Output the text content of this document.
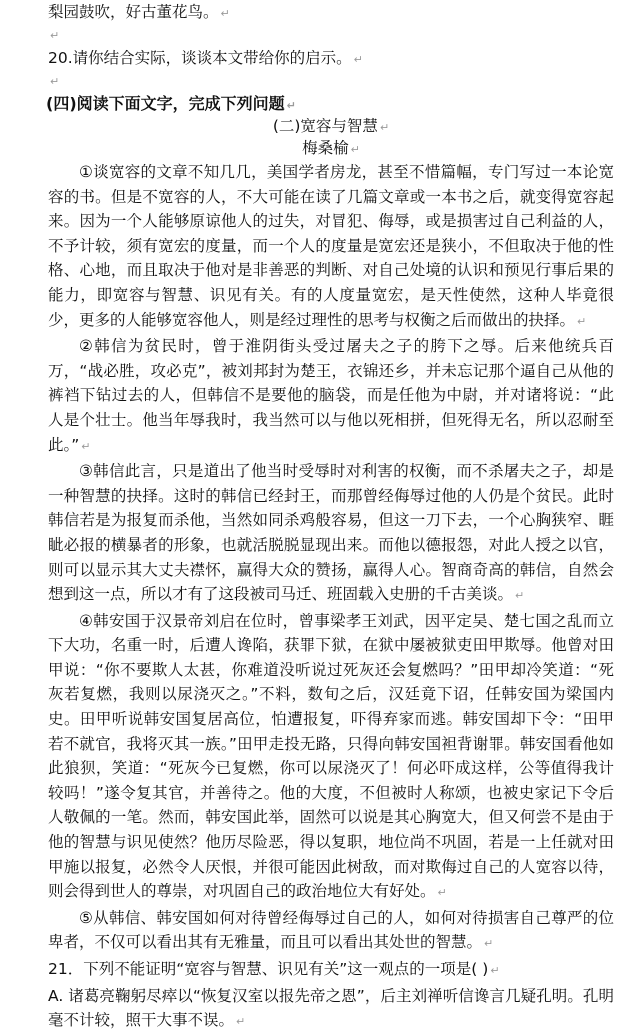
梨园鼓吹，好古董花鸟。 ↵
↵
20.请你结合实际，谈谈本文带给你的启示。 ↵
↵
(四)阅读下面文字，完成下列问题 ↵
(二)宽容与智慧 ↵
梅桑榆 ↵

①谈宽容的文章不知几几，美国学者房龙，甚至不惜篇幅，专门写过一本论宽容的书。但是不宽容的人，不大可能在读了几篇文章或一本书之后，就变得宽容起来。因为一个人能够原谅他人的过失，对冒犯、侮辱，或是损害过自己利益的人，不予计较，须有宽宏的度量，而一个人的度量是宽宏还是狭小，不但取决于他的性格、心地，而且取决于他对是非善恶的判断、对自己处境的认识和预见行事后果的能力，即宽容与智慧、识见有关。有的人度量宽宏，是天性使然，这种人毕竟很少，更多的人能够宽容他人，则是经过理性的思考与权衡之后而做出的抉择。 ↵

②韩信为贫民时，曾于淮阴街头受过屠夫之子的胯下之辱。后来他统兵百万，“战必胜，攻必克”，被刘邦封为楚王，衣锦还乡，并未忘记那个逼自己从他的裤裆下钻过去的人，但韩信不是要他的脑袋，而是任他为中尉，并对诸将说：“此人是个壮士。他当年辱我时，我当然可以与他以死相拼，但死得无名，所以忍耐至此。” ↵

③韩信此言，只是道出了他当时受辱时对利害的权衡，而不杀屠夫之子，却是一种智慧的抉择。这时的韩信已经封王，而那曾经侮辱过他的人仍是个贫民。此时韩信若是为报复而杀他，当然如同杀鸡般容易，但这一刀下去，一个心胸狭窄、睚眦必报的横暴者的形象，也就活脱脱显现出来。而他以德报怨，对此人授之以官，则可以显示其大丈夫襟怀，赢得大众的赞扬，赢得人心。智商奇高的韩信，自然会想到这一点，所以才有了这段被司马迁、班固载入史册的千古美谈。 ↵

④韩安国于汉景帝刘启在位时，曾事梁孝王刘武，因平定吴、楚七国之乱而立下大功，名重一时，后遭人谗陷，获罪下狱，在狱中屡被狱吏田甲欺辱。他曾对田甲说：“你不要欺人太甚，你难道没听说过死灰还会复燃吗？”田甲却冷笑道：“死灰若复燃，我则以尿浇灭之。”不料，数旬之后，汉廷竟下诏，任韩安国为梁国内史。田甲听说韩安国复居高位，怕遭报复，吓得弃家而逃。韩安国却下令：“田甲若不就官，我将灭其一族。”田甲走投无路，只得向韩安国袒背谢罪。韩安国看他如此狼狈，笑道：“死灰今已复燃，你可以尿浇灭了！何必吓成这样，公等值得我计较吗！”遂令复其官，并善待之。他的大度，不但被时人称颂，也被史家记下令后人敬佩的一笔。然而，韩安国此举，固然可以说是其心胸宽大，但又何尝不是由于他的智慧与识见使然？他历尽险恶，得以复职，地位尚不巩固，若是一上任就对田甲施以报复，必然令人厌恨，并很可能因此树敌，而对欺侮过自己的人宽容以待，则会得到世人的尊崇，对巩固自己的政治地位大有好处。 ↵

⑤从韩信、韩安国如何对待曾经侮辱过自己的人，如何对待损害自己尊严的位卑者，不仅可以看出其有无雅量，而且可以看出其处世的智慧。 ↵

21．下列不能证明“宽容与智慧、识见有关”这一观点的一项是( ) ↵

A. 诸葛亮鞠躬尽瘁以“恢复汉室以报先帝之恩”，后主刘禅听信谗言几疑孔明。孔明毫不计较，照干大事不误。 ↵
